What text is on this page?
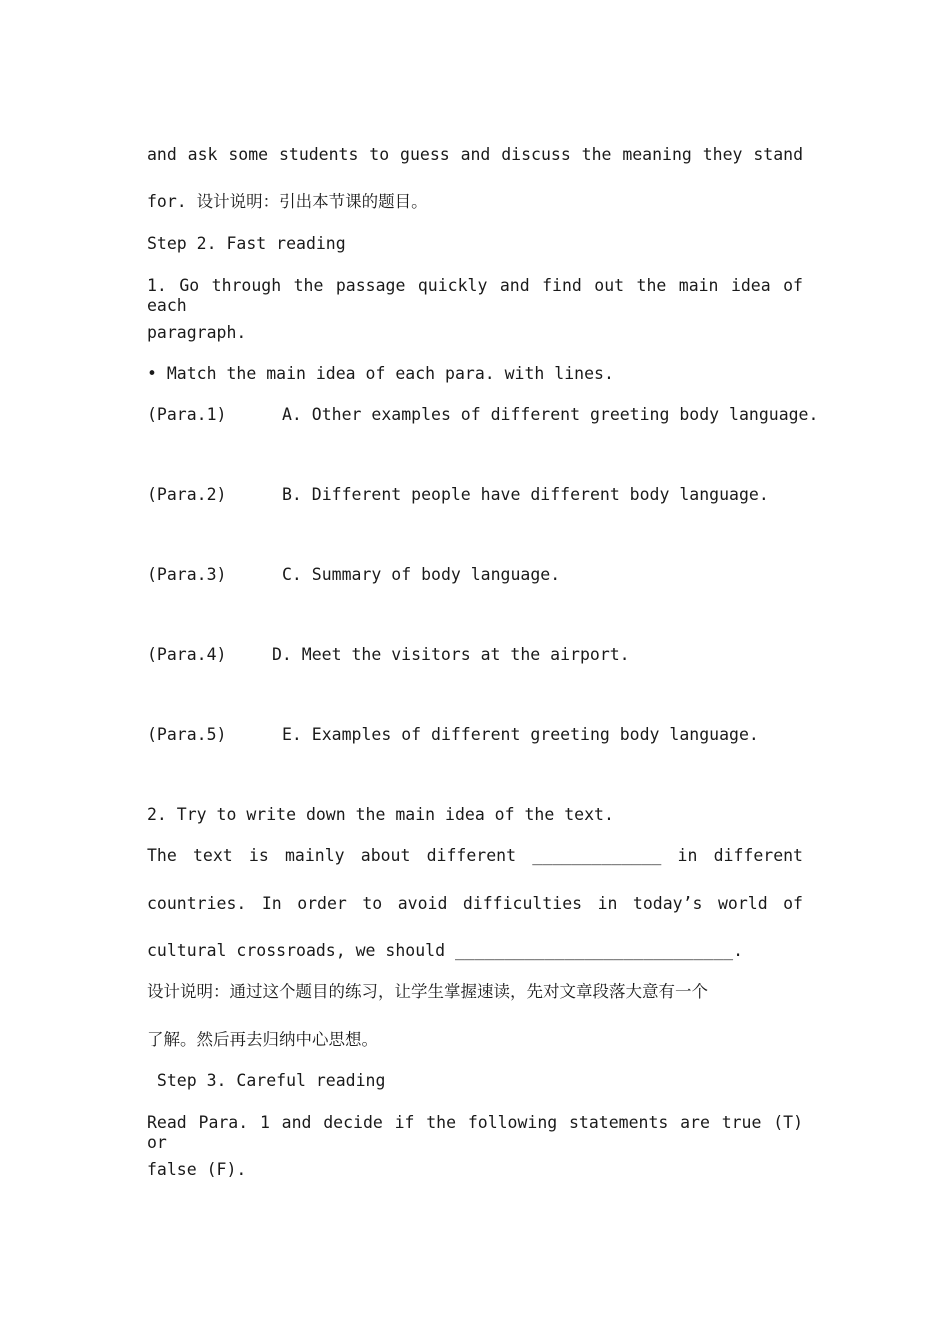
and ask some students to guess and discuss the meaning they stand
for. 设计说明：引出本节课的题目。
Step 2. Fast reading
1. Go through the passage quickly and find out the main idea of each
paragraph.
• Match the main idea of each para. with lines.
(Para.1)	A. Other examples of different greeting body language.
(Para.2)	B. Different people have different body language.
(Para.3)	C. Summary of body language.
(Para.4)	D. Meet the visitors at the airport.
(Para.5)	E. Examples of different greeting body language.
2. Try to write down the main idea of the text.
The text is mainly about different _____________ in different
countries. In order to avoid difficulties in today’s world of
cultural crossroads, we should ____________________________.
设计说明：通过这个题目的练习，让学生掌握速读，先对文章段落大意有一个
了解。然后再去归纳中心思想。
Step 3. Careful reading
Read Para. 1 and decide if the following statements are true (T) or
false (F).
